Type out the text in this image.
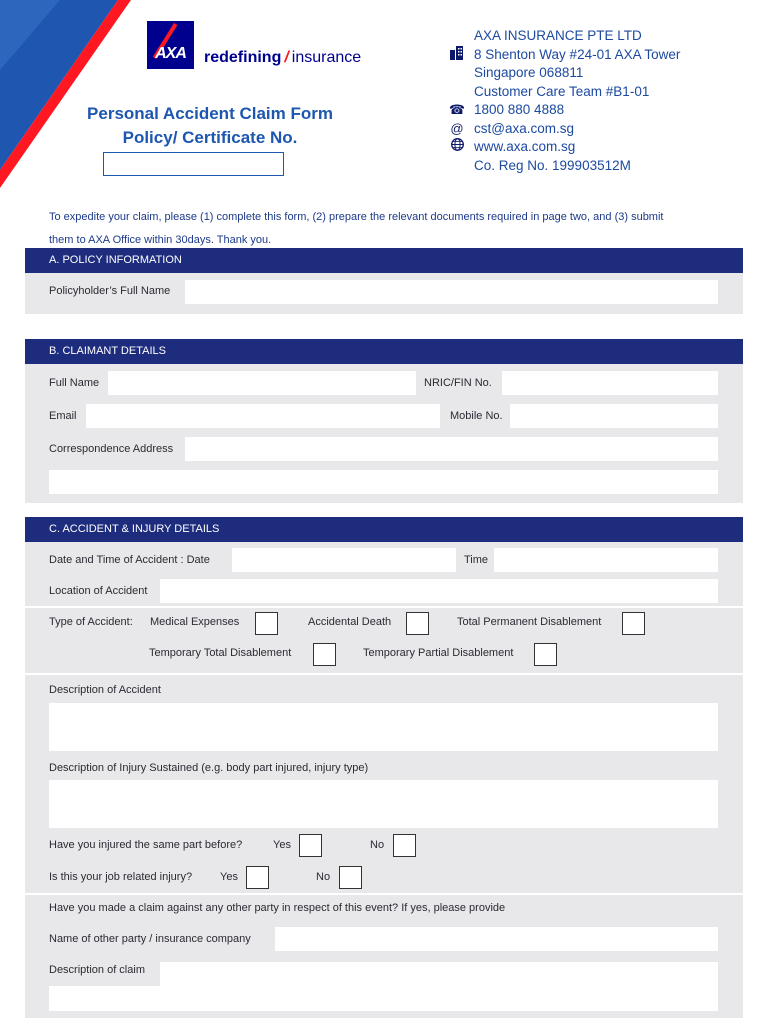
AXA	redefining / insurance
Personal Accident Claim Form
Policy/ Certificate No.
AXA INSURANCE PTE LTD
8 Shenton Way #24-01 AXA Tower
Singapore 068811
Customer Care Team #B1-01
☎ 1800 880 4888
@ cst@axa.com.sg
www.axa.com.sg
Co. Reg No. 199903512M
To expedite your claim, please (1) complete this form, (2) prepare the relevant documents required in page two, and (3) submit
them to AXA Office within 30days. Thank you.
A. POLICY INFORMATION
Policyholder’s Full Name
B. CLAIMANT DETAILS
Full Name	NRIC/FIN No.
Email	Mobile No.
Correspondence Address
C. ACCIDENT & INJURY DETAILS
Date and Time of Accident : Date	Time
Location of Accident
Type of Accident: Medical Expenses	Accidental Death	Total Permanent Disablement
Temporary Total Disablement	Temporary Partial Disablement
Description of Accident
Description of Injury Sustained (e.g. body part injured, injury type)
Have you injured the same part before?	Yes	No
Is this your job related injury?	Yes	No
Have you made a claim against any other party in respect of this event? If yes, please provide
Name of other party / insurance company
Description of claim
